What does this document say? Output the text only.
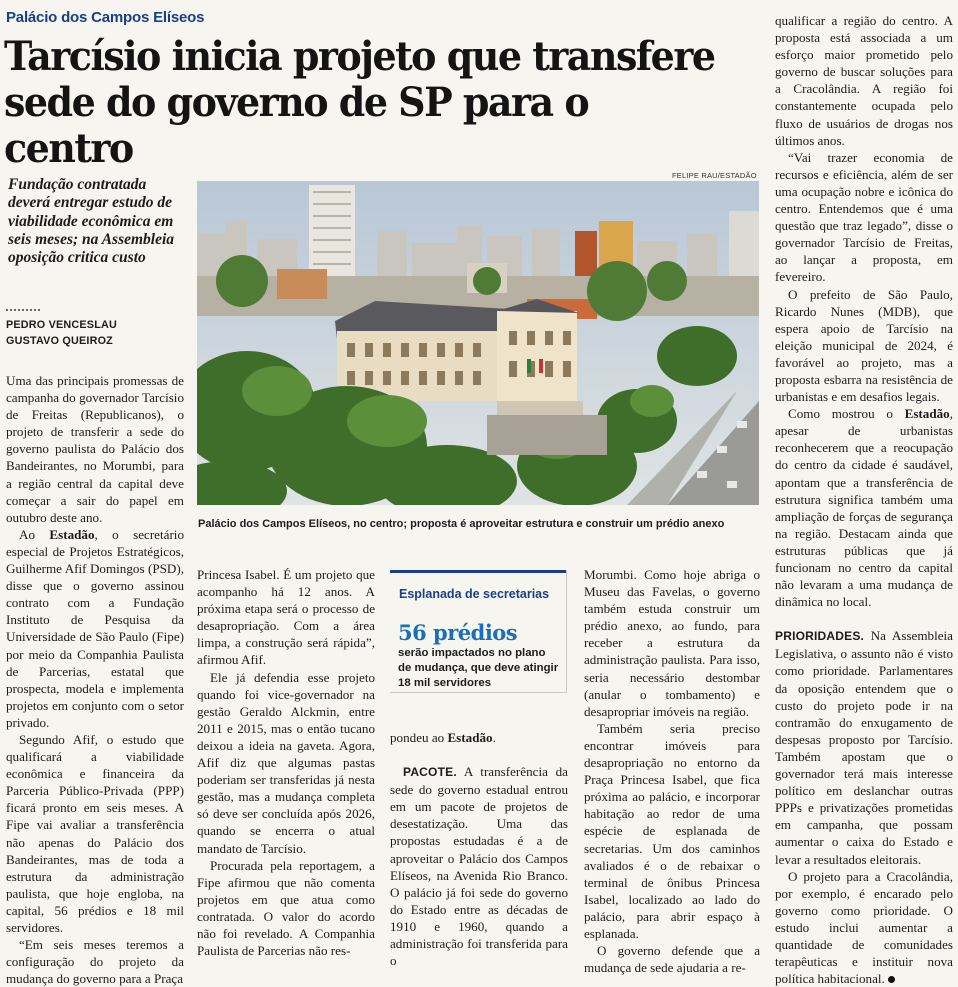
Palácio dos Campos Elíseos
Tarcísio inicia projeto que transfere sede do governo de SP para o centro
Fundação contratada deverá entregar estudo de viabilidade econômica em seis meses; na Assembleia oposição critica custo
PEDRO VENCESLAU
GUSTAVO QUEIROZ

Uma das principais promessas de campanha do governador Tarcísio de Freitas (Republicanos), o projeto de transferir a sede do governo paulista do Palácio dos Bandeirantes, no Morumbi, para a região central da capital deve começar a sair do papel em outubro deste ano.

Ao Estadão, o secretário especial de Projetos Estratégicos, Guilherme Afif Domingos (PSD), disse que o governo assinou contrato com a Fundação Instituto de Pesquisa da Universidade de São Paulo (Fipe) por meio da Companhia Paulista de Parcerias, estatal que prospecta, modela e implementa projetos em conjunto com o setor privado.

Segundo Afif, o estudo que qualificará a viabilidade econômica e financeira da Parceria Público-Privada (PPP) ficará pronto em seis meses. A Fipe vai avaliar a transferência não apenas do Palácio dos Bandeirantes, mas de toda a estrutura da administração paulista, que hoje engloba, na capital, 56 prédios e 18 mil servidores.

“Em seis meses teremos a configuração do projeto da mudança do governo para a Praça

FELIPE RAU/ESTADÃO
Palácio dos Campos Elíseos, no centro; proposta é aproveitar estrutura e construir um prédio anexo

Princesa Isabel. É um projeto que acompanho há 12 anos. A próxima etapa será o processo de desapropriação. Com a área limpa, a construção será rápida”, afirmou Afif.

Ele já defendia esse projeto quando foi vice-governador na gestão Geraldo Alckmin, entre 2011 e 2015, mas o então tucano deixou a ideia na gaveta. Agora, Afif diz que algumas pastas poderiam ser transferidas já nesta gestão, mas a mudança completa só deve ser concluída após 2026, quando se encerra o atual mandato de Tarcísio.

Procurada pela reportagem, a Fipe afirmou que não comenta projetos em que atua como contratada. O valor do acordo não foi revelado. A Companhia Paulista de Parcerias não res-

Esplanada de secretarias
56 prédios
serão impactados no plano de mudança, que deve atingir 18 mil servidores

pondeu ao Estadão.

PACOTE. A transferência da sede do governo estadual entrou em um pacote de projetos de desestatização. Uma das propostas estudadas é a de aproveitar o Palácio dos Campos Elíseos, na Avenida Rio Branco. O palácio já foi sede do governo do Estado entre as décadas de 1910 e 1960, quando a administração foi transferida para o

Morumbi. Como hoje abriga o Museu das Favelas, o governo também estuda construir um prédio anexo, ao fundo, para receber a estrutura da administração paulista. Para isso, seria necessário destombar (anular o tombamento) e desapropriar imóveis na região.

Também seria preciso encontrar imóveis para desapropriação no entorno da Praça Princesa Isabel, que fica próxima ao palácio, e incorporar habitação ao redor de uma espécie de esplanada de secretarias. Um dos caminhos avaliados é o de rebaixar o terminal de ônibus Princesa Isabel, localizado ao lado do palácio, para abrir espaço à esplanada.

O governo defende que a mudança de sede ajudaria a re-

qualificar a região do centro. A proposta está associada a um esforço maior prometido pelo governo de buscar soluções para a Cracolândia. A região foi constantemente ocupada pelo fluxo de usuários de drogas nos últimos anos.

“Vai trazer economia de recursos e eficiência, além de ser uma ocupação nobre e icônica do centro. Entendemos que é uma questão que traz legado”, disse o governador Tarcísio de Freitas, ao lançar a proposta, em fevereiro.

O prefeito de São Paulo, Ricardo Nunes (MDB), que espera apoio de Tarcísio na eleição municipal de 2024, é favorável ao projeto, mas a proposta esbarra na resistência de urbanistas e em desafios legais.

Como mostrou o Estadão, apesar de urbanistas reconhecerem que a reocupação do centro da cidade é saudável, apontam que a transferência de estrutura significa também uma ampliação de forças de segurança na região. Destacam ainda que estruturas públicas que já funcionam no centro da capital não levaram a uma mudança de dinâmica no local.

PRIORIDADES. Na Assembleia Legislativa, o assunto não é visto como prioridade. Parlamentares da oposição entendem que o custo do projeto pode ir na contramão do enxugamento de despesas proposto por Tarcísio. Também apostam que o governador terá mais interesse político em deslanchar outras PPPs e privatizações prometidas em campanha, que possam aumentar o caixa do Estado e levar a resultados eleitorais.

O projeto para a Cracolândia, por exemplo, é encarado pelo governo como prioridade. O estudo inclui aumentar a quantidade de comunidades terapêuticas e instituir nova política habitacional.
